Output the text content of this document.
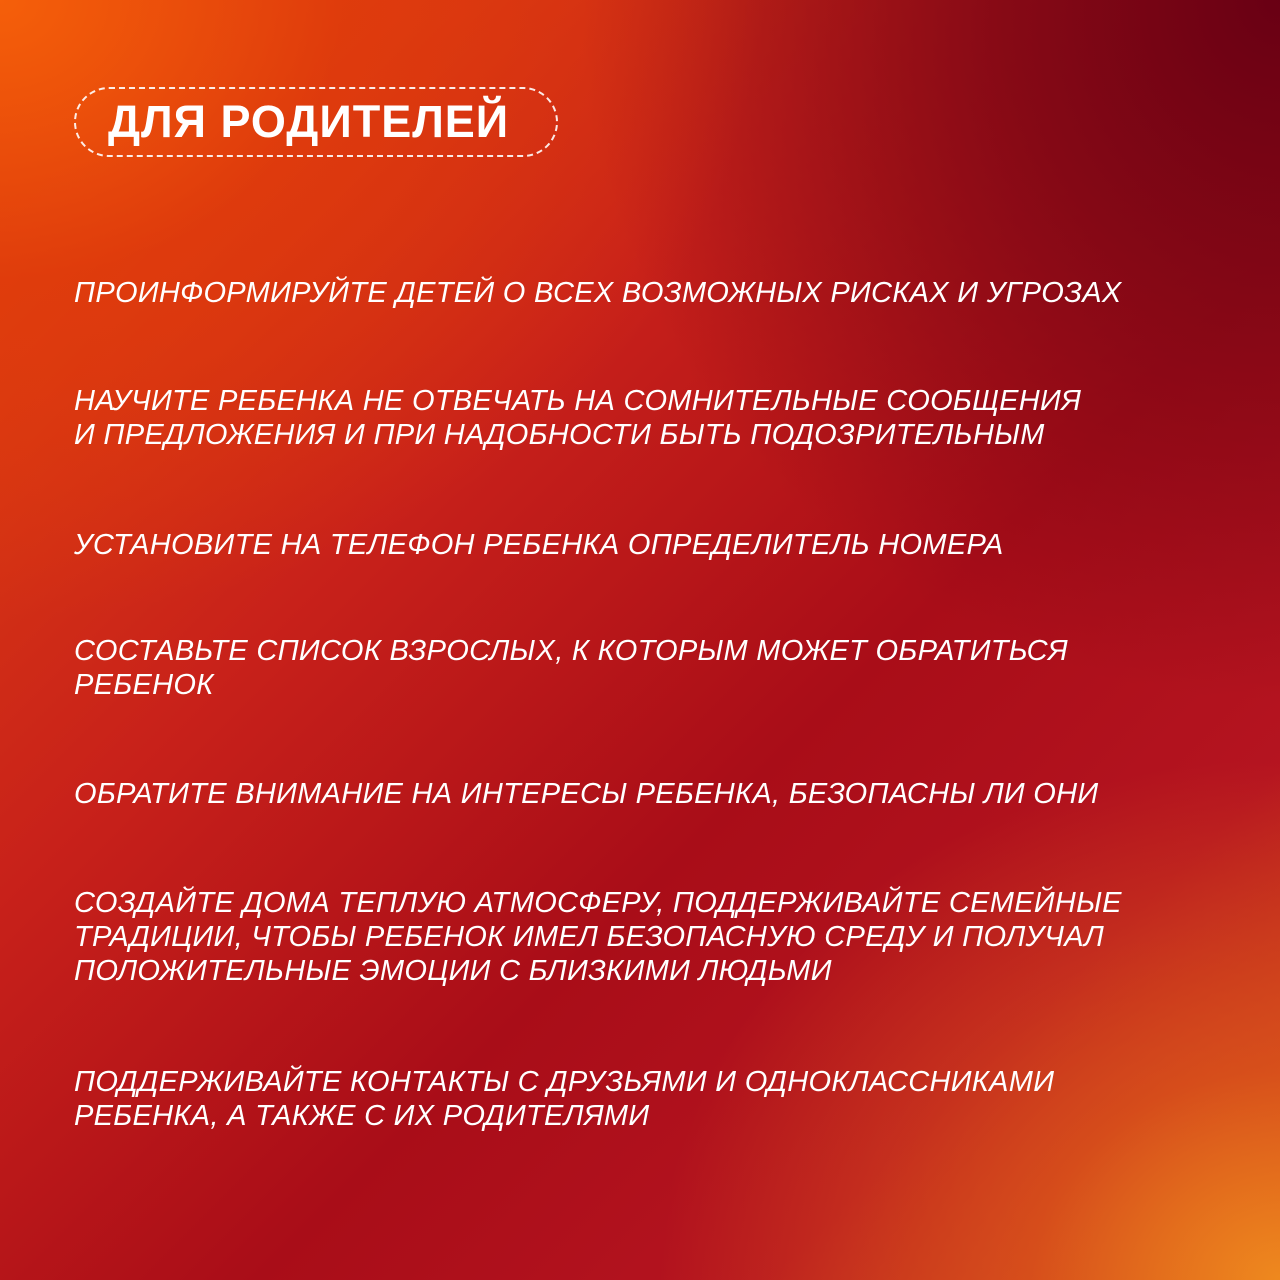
ДЛЯ РОДИТЕЛЕЙ
ПРОИНФОРМИРУЙТЕ ДЕТЕЙ О ВСЕХ ВОЗМОЖНЫХ РИСКАХ И УГРОЗАХ
НАУЧИТЕ РЕБЕНКА НЕ ОТВЕЧАТЬ НА СОМНИТЕЛЬНЫЕ СООБЩЕНИЯ
И ПРЕДЛОЖЕНИЯ И ПРИ НАДОБНОСТИ БЫТЬ ПОДОЗРИТЕЛЬНЫМ
УСТАНОВИТЕ НА ТЕЛЕФОН РЕБЕНКА ОПРЕДЕЛИТЕЛЬ НОМЕРА
СОСТАВЬТЕ СПИСОК ВЗРОСЛЫХ, К КОТОРЫМ МОЖЕТ ОБРАТИТЬСЯ
РЕБЕНОК
ОБРАТИТЕ ВНИМАНИЕ НА ИНТЕРЕСЫ РЕБЕНКА, БЕЗОПАСНЫ ЛИ ОНИ
СОЗДАЙТЕ ДОМА ТЕПЛУЮ АТМОСФЕРУ, ПОДДЕРЖИВАЙТЕ СЕМЕЙНЫЕ
ТРАДИЦИИ, ЧТОБЫ РЕБЕНОК ИМЕЛ БЕЗОПАСНУЮ СРЕДУ И ПОЛУЧАЛ
ПОЛОЖИТЕЛЬНЫЕ ЭМОЦИИ С БЛИЗКИМИ ЛЮДЬМИ
ПОДДЕРЖИВАЙТЕ КОНТАКТЫ С ДРУЗЬЯМИ И ОДНОКЛАССНИКАМИ
РЕБЕНКА, А ТАКЖЕ С ИХ РОДИТЕЛЯМИ
